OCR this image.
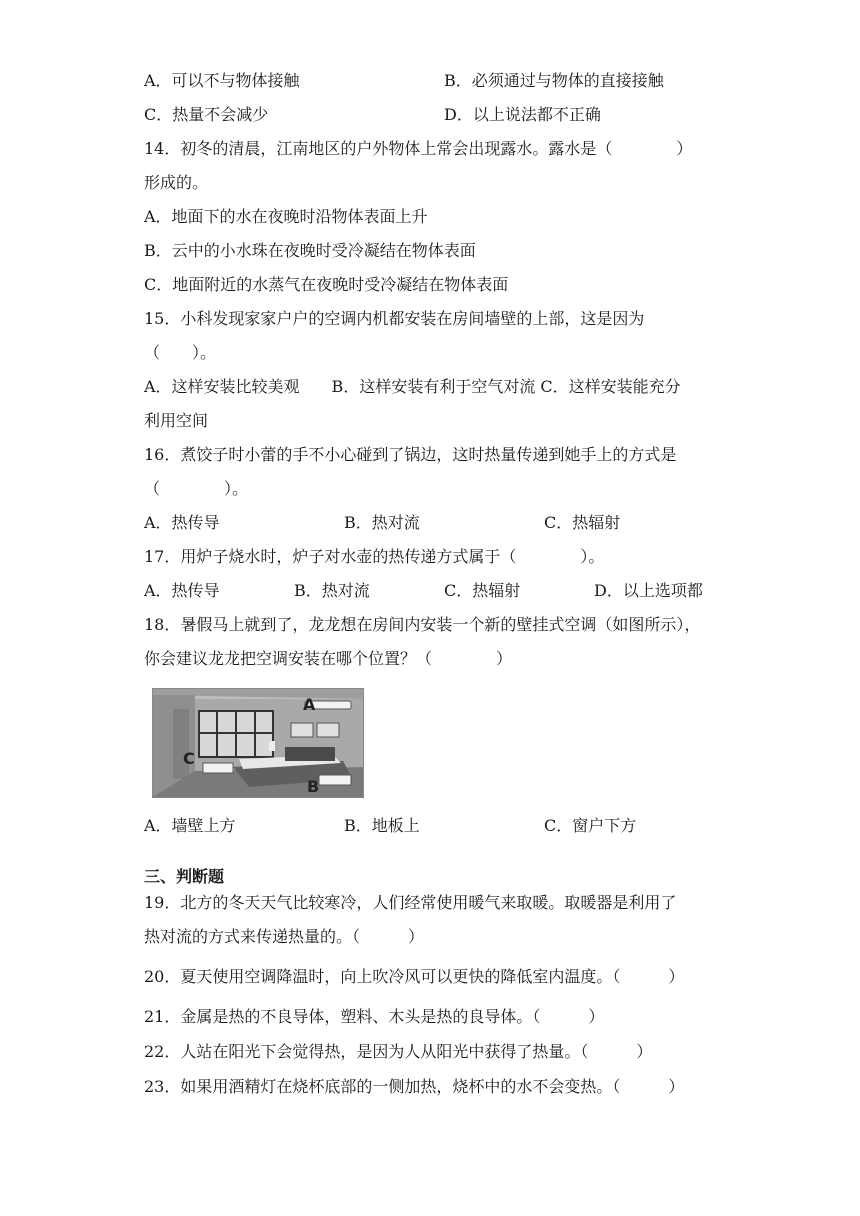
A．可以不与物体接触	B．必须通过与物体的直接接触
C．热量不会减少	D．以上说法都不正确
14．初冬的清晨，江南地区的户外物体上常会出现露水。露水是（　　　　）
形成的。
A．地面下的水在夜晚时沿物体表面上升
B．云中的小水珠在夜晚时受冷凝结在物体表面
C．地面附近的水蒸气在夜晚时受冷凝结在物体表面
15．小科发现家家户户的空调内机都安装在房间墙壁的上部，这是因为
（　　）。
A．这样安装比较美观　　B．这样安装有利于空气对流 C．这样安装能充分
利用空间
16．煮饺子时小蕾的手不小心碰到了锅边，这时热量传递到她手上的方式是
（　　　　）。
A．热传导	B．热对流	C．热辐射
17．用炉子烧水时，炉子对水壶的热传递方式属于（　　　　）。
A．热传导	B．热对流	C．热辐射	D．以上选项都
18．暑假马上就到了，龙龙想在房间内安装一个新的壁挂式空调（如图所示），
你会建议龙龙把空调安装在哪个位置？（　　　　）
A
B
C
A．墙壁上方	B．地板上	C．窗户下方
三、判断题
19．北方的冬天天气比较寒冷，人们经常使用暖气来取暖。取暖器是利用了
热对流的方式来传递热量的。（　　　）
20．夏天使用空调降温时，向上吹冷风可以更快的降低室内温度。（　　　）
21．金属是热的不良导体，塑料、木头是热的良导体。（　　　）
22．人站在阳光下会觉得热，是因为人从阳光中获得了热量。（　　　）
23．如果用酒精灯在烧杯底部的一侧加热，烧杯中的水不会变热。（　　　）
